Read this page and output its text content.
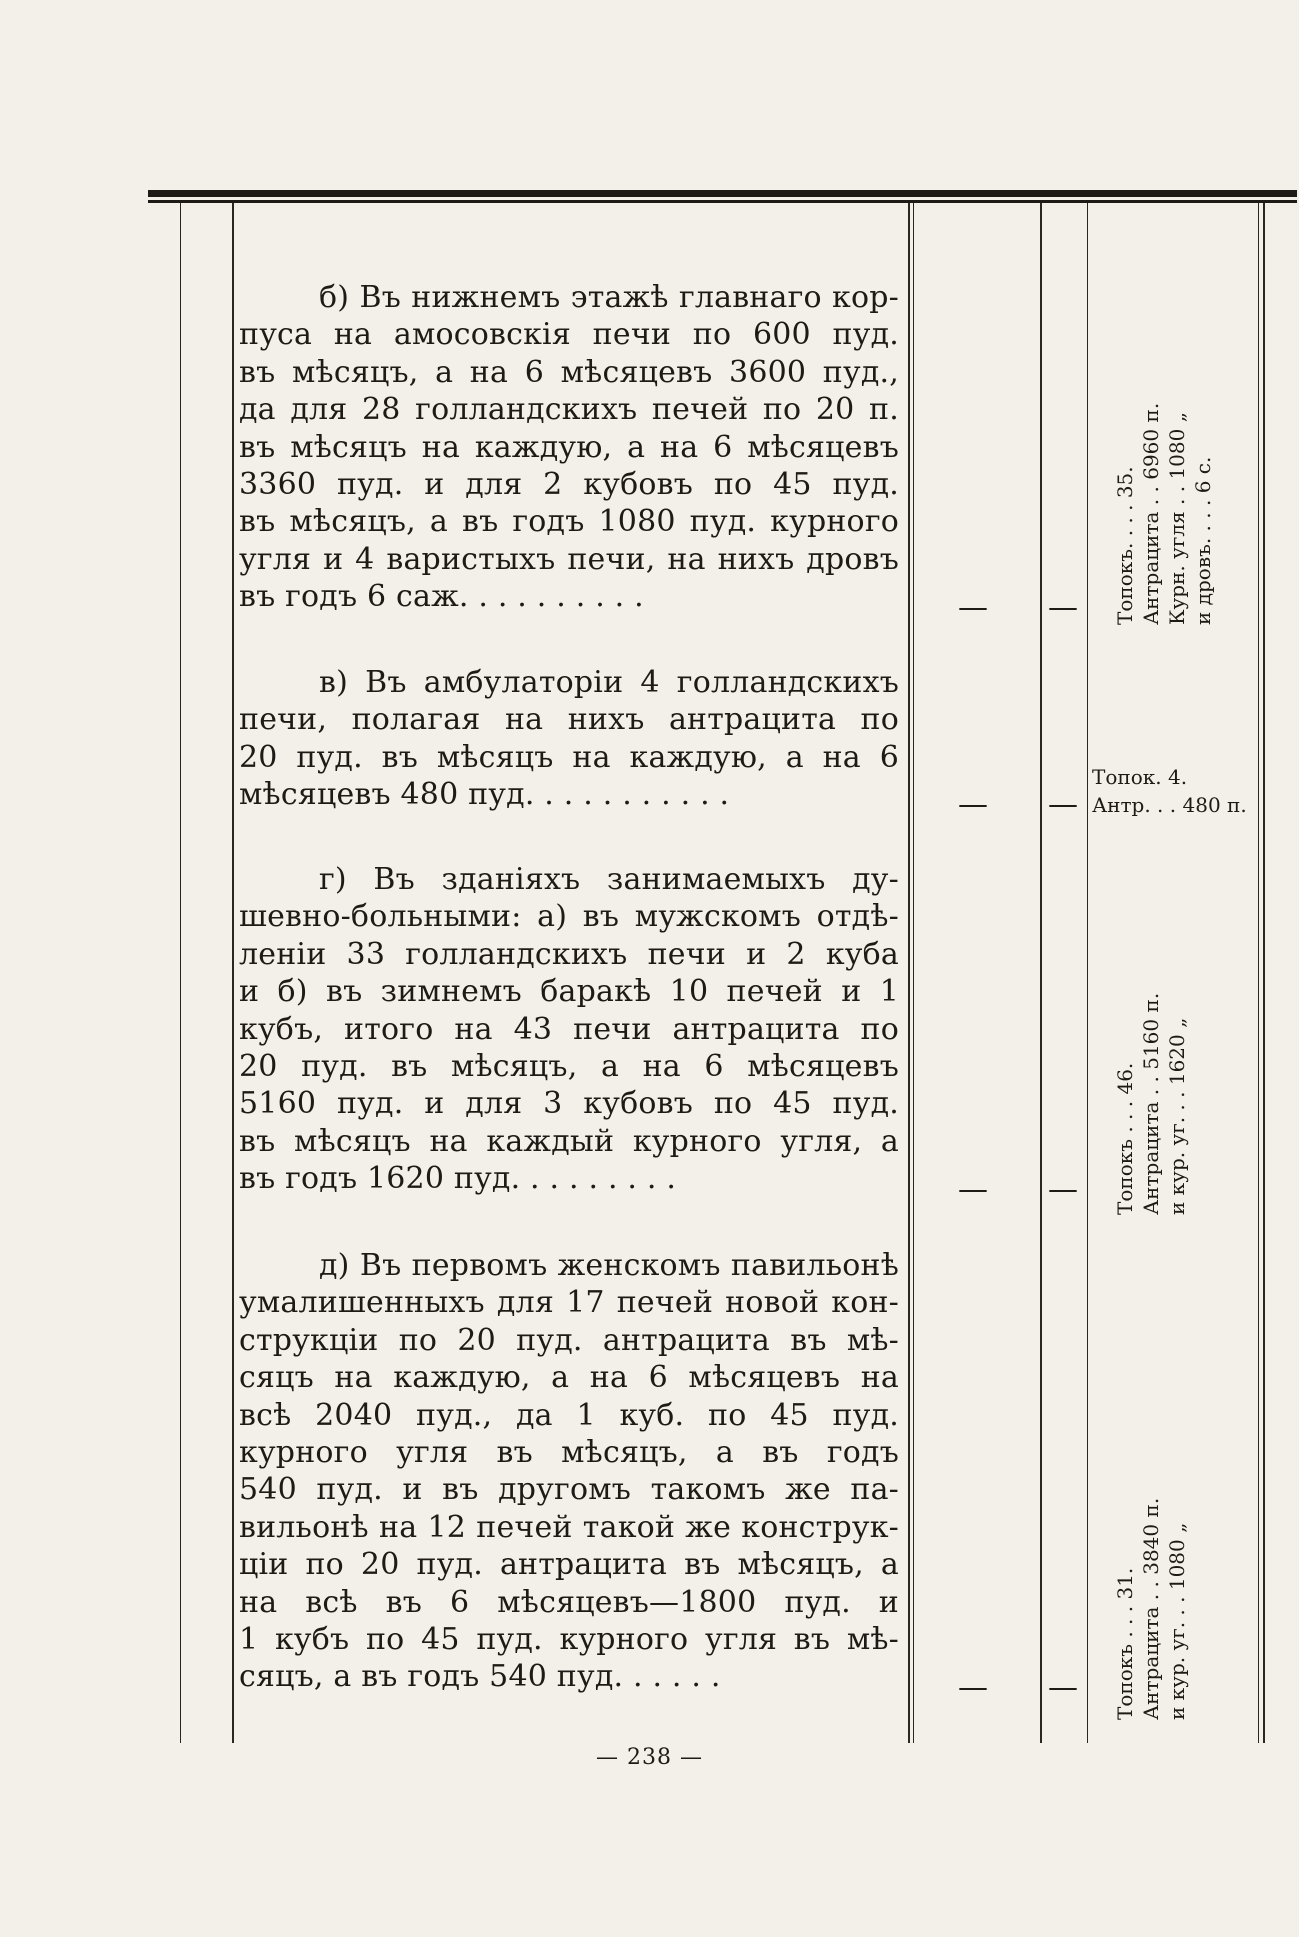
б) Въ нижнемъ этажѣ главнаго кор-
пуса на амосовскія печи по 600 пуд.
въ мѣсяцъ, а на 6 мѣсяцевъ 3600 пуд.,
да для 28 голландскихъ печей по 20 п.
въ мѣсяцъ на каждую, а на 6 мѣсяцевъ
3360 пуд. и для 2 кубовъ по 45 пуд.
въ мѣсяцъ, а въ годъ 1080 пуд. курного
угля и 4 варистыхъ печи, на нихъ дровъ
въ годъ 6 саж. . . . . . . . . .	—	—	Топокъ. . . . 35. Антрацита . . 6960 п. Курн. угля . . 1080 „ и дровъ. . . . 6 с.
в) Въ амбулаторіи 4 голландскихъ
печи, полагая на нихъ антрацита по
20 пуд. въ мѣсяцъ на каждую, а на 6
мѣсяцевъ 480 пуд. . . . . . . . . . .	—	—
Топок. 4.
Антр. . . 480 п.
г) Въ зданіяхъ занимаемыхъ ду-
шевно-больными: а) въ мужскомъ отдѣ-
леніи 33 голландскихъ печи и 2 куба
и б) въ зимнемъ баракѣ 10 печей и 1
кубъ, итого на 43 печи антрацита по
20 пуд. въ мѣсяцъ, а на 6 мѣсяцевъ
5160 пуд. и для 3 кубовъ по 45 пуд.
въ мѣсяцъ на каждый курного угля, а
въ годъ 1620 пуд. . . . . . . . .	—	—	Топокъ . . . 46. Антрацита . . 5160 п. и кур. уг. . . 1620 „
д) Въ первомъ женскомъ павильонѣ
умалишенныхъ для 17 печей новой кон-
струкціи по 20 пуд. антрацита въ мѣ-
сяцъ на каждую, а на 6 мѣсяцевъ на
всѣ 2040 пуд., да 1 куб. по 45 пуд.
курного угля въ мѣсяцъ, а въ годъ
540 пуд. и въ другомъ такомъ же па-
вильонѣ на 12 печей такой же конструк-
ціи по 20 пуд. антрацита въ мѣсяцъ, а
на всѣ въ 6 мѣсяцевъ—1800 пуд. и
1 кубъ по 45 пуд. курного угля въ мѣ-
сяцъ, а въ годъ 540 пуд. . . . . .	—	—	Топокъ . . . 31. Антрацита . . 3840 п. и кур. уг. . . 1080 „
— 238 —
